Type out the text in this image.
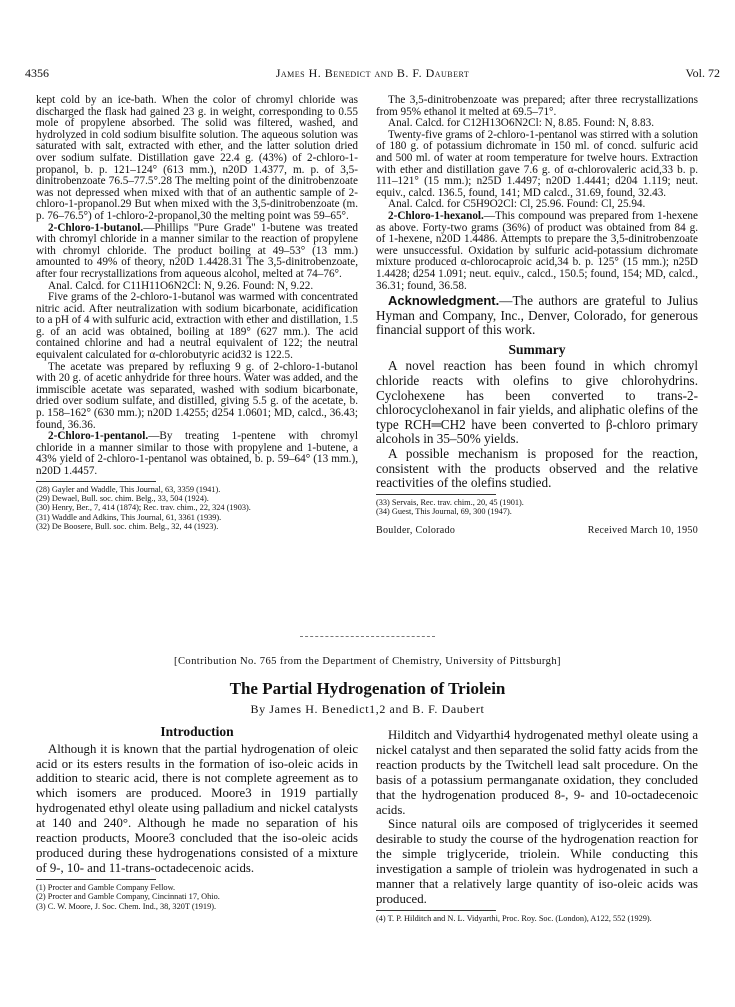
4356	James H. Benedict and B. F. Daubert	Vol. 72

kept cold by an ice-bath. When the color of chromyl chloride was discharged the flask had gained 23 g. in weight, corresponding to 0.55 mole of propylene absorbed. The solid was filtered, washed, and hydrolyzed in cold sodium bisulfite solution. The aqueous solution was saturated with salt, extracted with ether, and the latter solution dried over sodium sulfate. Distillation gave 22.4 g. (43%) of 2-chloro-1-propanol, b. p. 121–124° (613 mm.), n20D 1.4377, m. p. of 3,5-dinitrobenzoate 76.5–77.5°.28 The melting point of the dinitrobenzoate was not depressed when mixed with that of an authentic sample of 2-chloro-1-propanol.29 But when mixed with the 3,5-dinitrobenzoate (m. p. 76–76.5°) of 1-chloro-2-propanol,30 the melting point was 59–65°.

2-Chloro-1-butanol.—Phillips "Pure Grade" 1-butene was treated with chromyl chloride in a manner similar to the reaction of propylene with chromyl chloride. The product boiling at 49–53° (13 mm.) amounted to 49% of theory, n20D 1.4428.31 The 3,5-dinitrobenzoate, after four recrystallizations from aqueous alcohol, melted at 74–76°.

Anal. Calcd. for C11H11O6N2Cl: N, 9.26. Found: N, 9.22.

Five grams of the 2-chloro-1-butanol was warmed with concentrated nitric acid. After neutralization with sodium bicarbonate, acidification to a pH of 4 with sulfuric acid, extraction with ether and distillation, 1.5 g. of an acid was obtained, boiling at 189° (627 mm.). The acid contained chlorine and had a neutral equivalent of 122; the neutral equivalent calculated for α-chlorobutyric acid32 is 122.5.

The acetate was prepared by refluxing 9 g. of 2-chloro-1-butanol with 20 g. of acetic anhydride for three hours. Water was added, and the immiscible acetate was separated, washed with sodium bicarbonate, dried over sodium sulfate, and distilled, giving 5.5 g. of the acetate, b. p. 158–162° (630 mm.); n20D 1.4255; d254 1.0601; MD, calcd., 36.43; found, 36.36.

2-Chloro-1-pentanol.—By treating 1-pentene with chromyl chloride in a manner similar to those with propylene and 1-butene, a 43% yield of 2-chloro-1-pentanol was obtained, b. p. 59–64° (13 mm.), n20D 1.4457.

(28) Gayler and Waddle, This Journal, 63, 3359 (1941).
(29) Dewael, Bull. soc. chim. Belg., 33, 504 (1924).
(30) Henry, Ber., 7, 414 (1874); Rec. trav. chim., 22, 324 (1903).
(31) Waddle and Adkins, This Journal, 61, 3361 (1939).
(32) De Boosere, Bull. soc. chim. Belg., 32, 44 (1923).

The 3,5-dinitrobenzoate was prepared; after three recrystallizations from 95% ethanol it melted at 69.5–71°.

Anal. Calcd. for C12H13O6N2Cl: N, 8.85. Found: N, 8.83.

Twenty-five grams of 2-chloro-1-pentanol was stirred with a solution of 180 g. of potassium dichromate in 150 ml. of concd. sulfuric acid and 500 ml. of water at room temperature for twelve hours. Extraction with ether and distillation gave 7.6 g. of α-chlorovaleric acid,33 b. p. 111–121° (15 mm.); n25D 1.4497; n20D 1.4441; d204 1.119; neut. equiv., calcd. 136.5, found, 141; MD calcd., 31.69, found, 32.43.

Anal. Calcd. for C5H9O2Cl: Cl, 25.96. Found: Cl, 25.94.

2-Chloro-1-hexanol.—This compound was prepared from 1-hexene as above. Forty-two grams (36%) of product was obtained from 84 g. of 1-hexene, n20D 1.4486. Attempts to prepare the 3,5-dinitrobenzoate were unsuccessful. Oxidation by sulfuric acid-potassium dichromate mixture produced α-chlorocaproic acid,34 b. p. 125° (15 mm.); n25D 1.4428; d254 1.091; neut. equiv., calcd., 150.5; found, 154; MD, calcd., 36.31; found, 36.58.

Acknowledgment.—The authors are grateful to Julius Hyman and Company, Inc., Denver, Colorado, for generous financial support of this work.

Summary

A novel reaction has been found in which chromyl chloride reacts with olefins to give chlorohydrins. Cyclohexene has been converted to trans-2-chlorocyclohexanol in fair yields, and aliphatic olefins of the type RCH═CH2 have been converted to β-chloro primary alcohols in 35–50% yields.

A possible mechanism is proposed for the reaction, consistent with the products observed and the relative reactivities of the olefins studied.

(33) Servais, Rec. trav. chim., 20, 45 (1901).
(34) Guest, This Journal, 69, 300 (1947).
Boulder, Colorado	Received March 10, 1950
[Contribution No. 765 from the Department of Chemistry, University of Pittsburgh]
The Partial Hydrogenation of Triolein
By James H. Benedict1,2 and B. F. Daubert
Introduction

Although it is known that the partial hydrogenation of oleic acid or its esters results in the formation of iso-oleic acids in addition to stearic acid, there is not complete agreement as to which isomers are produced. Moore3 in 1919 partially hydrogenated ethyl oleate using palladium and nickel catalysts at 140 and 240°. Although he made no separation of his reaction products, Moore3 concluded that the iso-oleic acids produced during these hydrogenations consisted of a mixture of 9-, 10- and 11-trans-octadecenoic acids.

(1) Procter and Gamble Company Fellow.
(2) Procter and Gamble Company, Cincinnati 17, Ohio.
(3) C. W. Moore, J. Soc. Chem. Ind., 38, 320T (1919).

Hilditch and Vidyarthi4 hydrogenated methyl oleate using a nickel catalyst and then separated the solid fatty acids from the reaction products by the Twitchell lead salt procedure. On the basis of a potassium permanganate oxidation, they concluded that the hydrogenation produced 8-, 9- and 10-octadecenoic acids.

Since natural oils are composed of triglycerides it seemed desirable to study the course of the hydrogenation reaction for the simple triglyceride, triolein. While conducting this investigation a sample of triolein was hydrogenated in such a manner that a relatively large quantity of iso-oleic acids was produced.

(4) T. P. Hilditch and N. L. Vidyarthi, Proc. Roy. Soc. (London), A122, 552 (1929).
